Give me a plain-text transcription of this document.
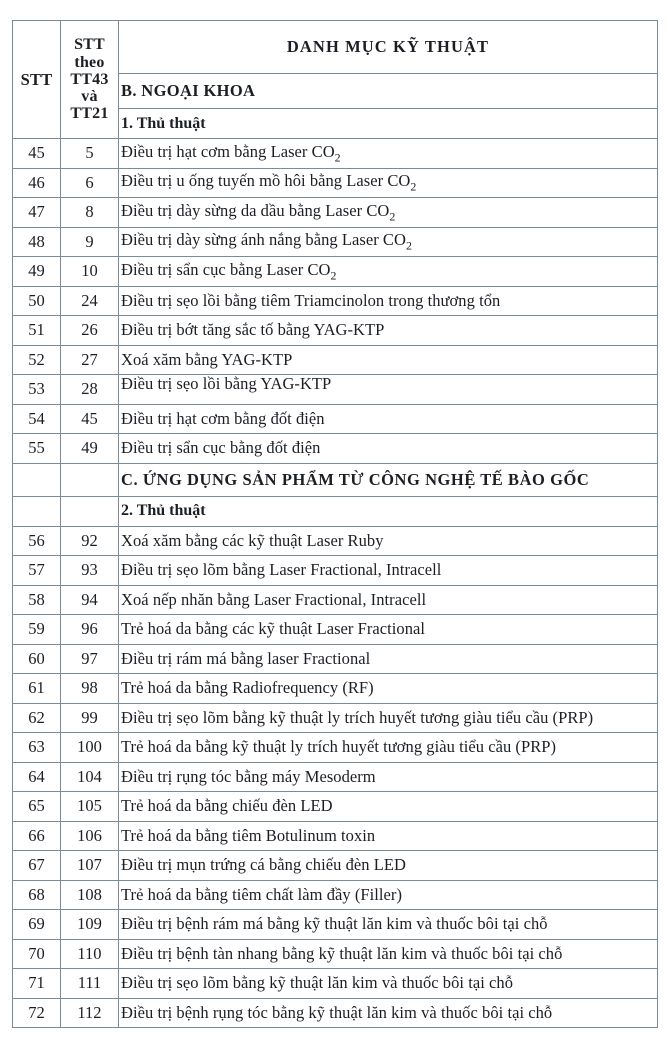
STT	STT
theo
TT43
và
TT21	DANH MỤC KỸ THUẬT
		B. NGOẠI KHOA
		1. Thủ thuật
45	5	Điều trị hạt cơm bằng Laser $CO_2$
46	6	Điều trị u ống tuyến mồ hôi bằng Laser $CO_2$
47	8	Điều trị dày sừng da dầu bằng Laser $CO_2$
48	9	Điều trị dày sừng ánh nắng bằng Laser $CO_2$
49	10	Điều trị sẩn cục bằng Laser $CO_2$
50	24	Điều trị sẹo lồi bằng tiêm Triamcinolon trong thương tổn
51	26	Điều trị bớt tăng sắc tố bằng YAG-KTP
52	27	Xoá xăm bằng YAG-KTP
53	28	Điều trị sẹo lồi bằng YAG-KTP
54	45	Điều trị hạt cơm bằng đốt điện
55	49	Điều trị sẩn cục bằng đốt điện
		C. ỨNG DỤNG SẢN PHẨM TỪ CÔNG NGHỆ TẾ BÀO GỐC
		2. Thủ thuật
56	92	Xoá xăm bằng các kỹ thuật Laser Ruby
57	93	Điều trị sẹo lõm bằng Laser Fractional, Intracell
58	94	Xoá nếp nhăn bằng Laser Fractional, Intracell
59	96	Trẻ hoá da bằng các kỹ thuật Laser Fractional
60	97	Điều trị rám má bằng laser Fractional
61	98	Trẻ hoá da bằng Radiofrequency (RF)
62	99	Điều trị sẹo lõm bằng kỹ thuật ly trích huyết tương giàu tiểu cầu (PRP)
63	100	Trẻ hoá da bằng kỹ thuật ly trích huyết tương giàu tiểu cầu (PRP)
64	104	Điều trị rụng tóc bằng máy Mesoderm
65	105	Trẻ hoá da bằng chiếu đèn LED
66	106	Trẻ hoá da bằng tiêm Botulinum toxin
67	107	Điều trị mụn trứng cá bằng chiếu đèn LED
68	108	Trẻ hoá da bằng tiêm chất làm đầy (Filler)
69	109	Điều trị bệnh rám má bằng kỹ thuật lăn kim và thuốc bôi tại chỗ
70	110	Điều trị bệnh tàn nhang bằng kỹ thuật lăn kim và thuốc bôi tại chỗ
71	111	Điều trị sẹo lõm bằng kỹ thuật lăn kim và thuốc bôi tại chỗ
72	112	Điều trị bệnh rụng tóc bằng kỹ thuật lăn kim và thuốc bôi tại chỗ
